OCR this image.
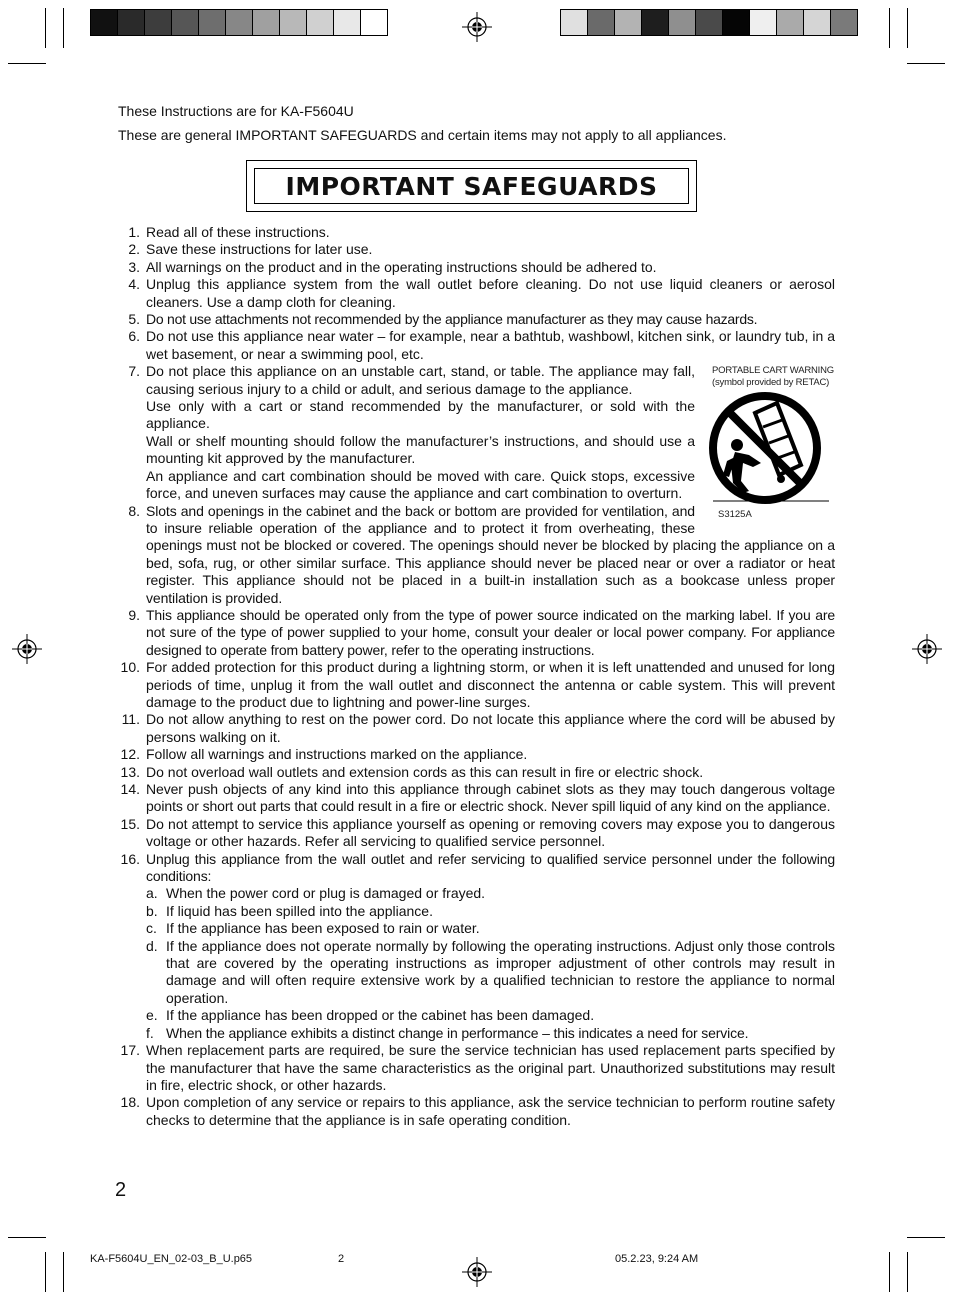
These Instructions are for KA-F5604U
These are general IMPORTANT SAFEGUARDS and certain items may not apply to all appliances.
IMPORTANT SAFEGUARDS
1. Read all of these instructions.
2. Save these instructions for later use.
3. All warnings on the product and in the operating instructions should be adhered to.
4. Unplug this appliance system from the wall outlet before cleaning. Do not use liquid cleaners or aerosol cleaners. Use a damp cloth for cleaning.
5. Do not use attachments not recommended by the appliance manufacturer as they may cause hazards.
6. Do not use this appliance near water – for example, near a bathtub, washbowl, kitchen sink, or laundry tub, in a wet basement, or near a swimming pool, etc.
7.	PORTABLE CART WARNING
(symbol provided by RETAC)
S3125A
Do not place this appliance on an unstable cart, stand, or table. The appliance may fall, causing serious injury to a child or adult, and serious damage to the appliance.
Use only with a cart or stand recommended by the manufacturer, or sold with the appliance.
Wall or shelf mounting should follow the manufacturer’s instructions, and should use a mounting kit approved by the manufacturer.
An appliance and cart combination should be moved with care. Quick stops, excessive force, and uneven surfaces may cause the appliance and cart combination to overturn.
8. Slots and openings in the cabinet and the back or bottom are provided for ventilation, and to insure reliable operation of the appliance and to protect it from overheating, these openings must not be blocked or covered. The openings should never be blocked by placing the appliance on a bed, sofa, rug, or other similar surface. This appliance should never be placed near or over a radiator or heat register. This appliance should not be placed in a built-in installation such as a bookcase unless proper ventilation is provided.
9. This appliance should be operated only from the type of power source indicated on the marking label. If you are not sure of the type of power supplied to your home, consult your dealer or local power company. For appliance designed to operate from battery power, refer to the operating instructions.
10. For added protection for this product during a lightning storm, or when it is left unattended and unused for long periods of time, unplug it from the wall outlet and disconnect the antenna or cable system. This will prevent damage to the product due to lightning and power-line surges.
11. Do not allow anything to rest on the power cord. Do not locate this appliance where the cord will be abused by persons walking on it.
12. Follow all warnings and instructions marked on the appliance.
13. Do not overload wall outlets and extension cords as this can result in fire or electric shock.
14. Never push objects of any kind into this appliance through cabinet slots as they may touch dangerous voltage points or short out parts that could result in a fire or electric shock. Never spill liquid of any kind on the appliance.
15. Do not attempt to service this appliance yourself as opening or removing covers may expose you to dangerous voltage or other hazards. Refer all servicing to qualified service personnel.
16. Unplug this appliance from the wall outlet and refer servicing to qualified service personnel under the following conditions:
a. When the power cord or plug is damaged or frayed.
b. If liquid has been spilled into the appliance.
c. If the appliance has been exposed to rain or water.
d. If the appliance does not operate normally by following the operating instructions. Adjust only those controls that are covered by the operating instructions as improper adjustment of other controls may result in damage and will often require extensive work by a qualified technician to restore the appliance to normal operation.
e. If the appliance has been dropped or the cabinet has been damaged.
f. When the appliance exhibits a distinct change in performance – this indicates a need for service.
17. When replacement parts are required, be sure the service technician has used replacement parts specified by the manufacturer that have the same characteristics as the original part. Unauthorized substitutions may result in fire, electric shock, or other hazards.
18. Upon completion of any service or repairs to this appliance, ask the service technician to perform routine safety checks to determine that the appliance is in safe operating condition.
2
KA-F5604U_EN_02-03_B_U.p65	2	05.2.23, 9:24 AM
